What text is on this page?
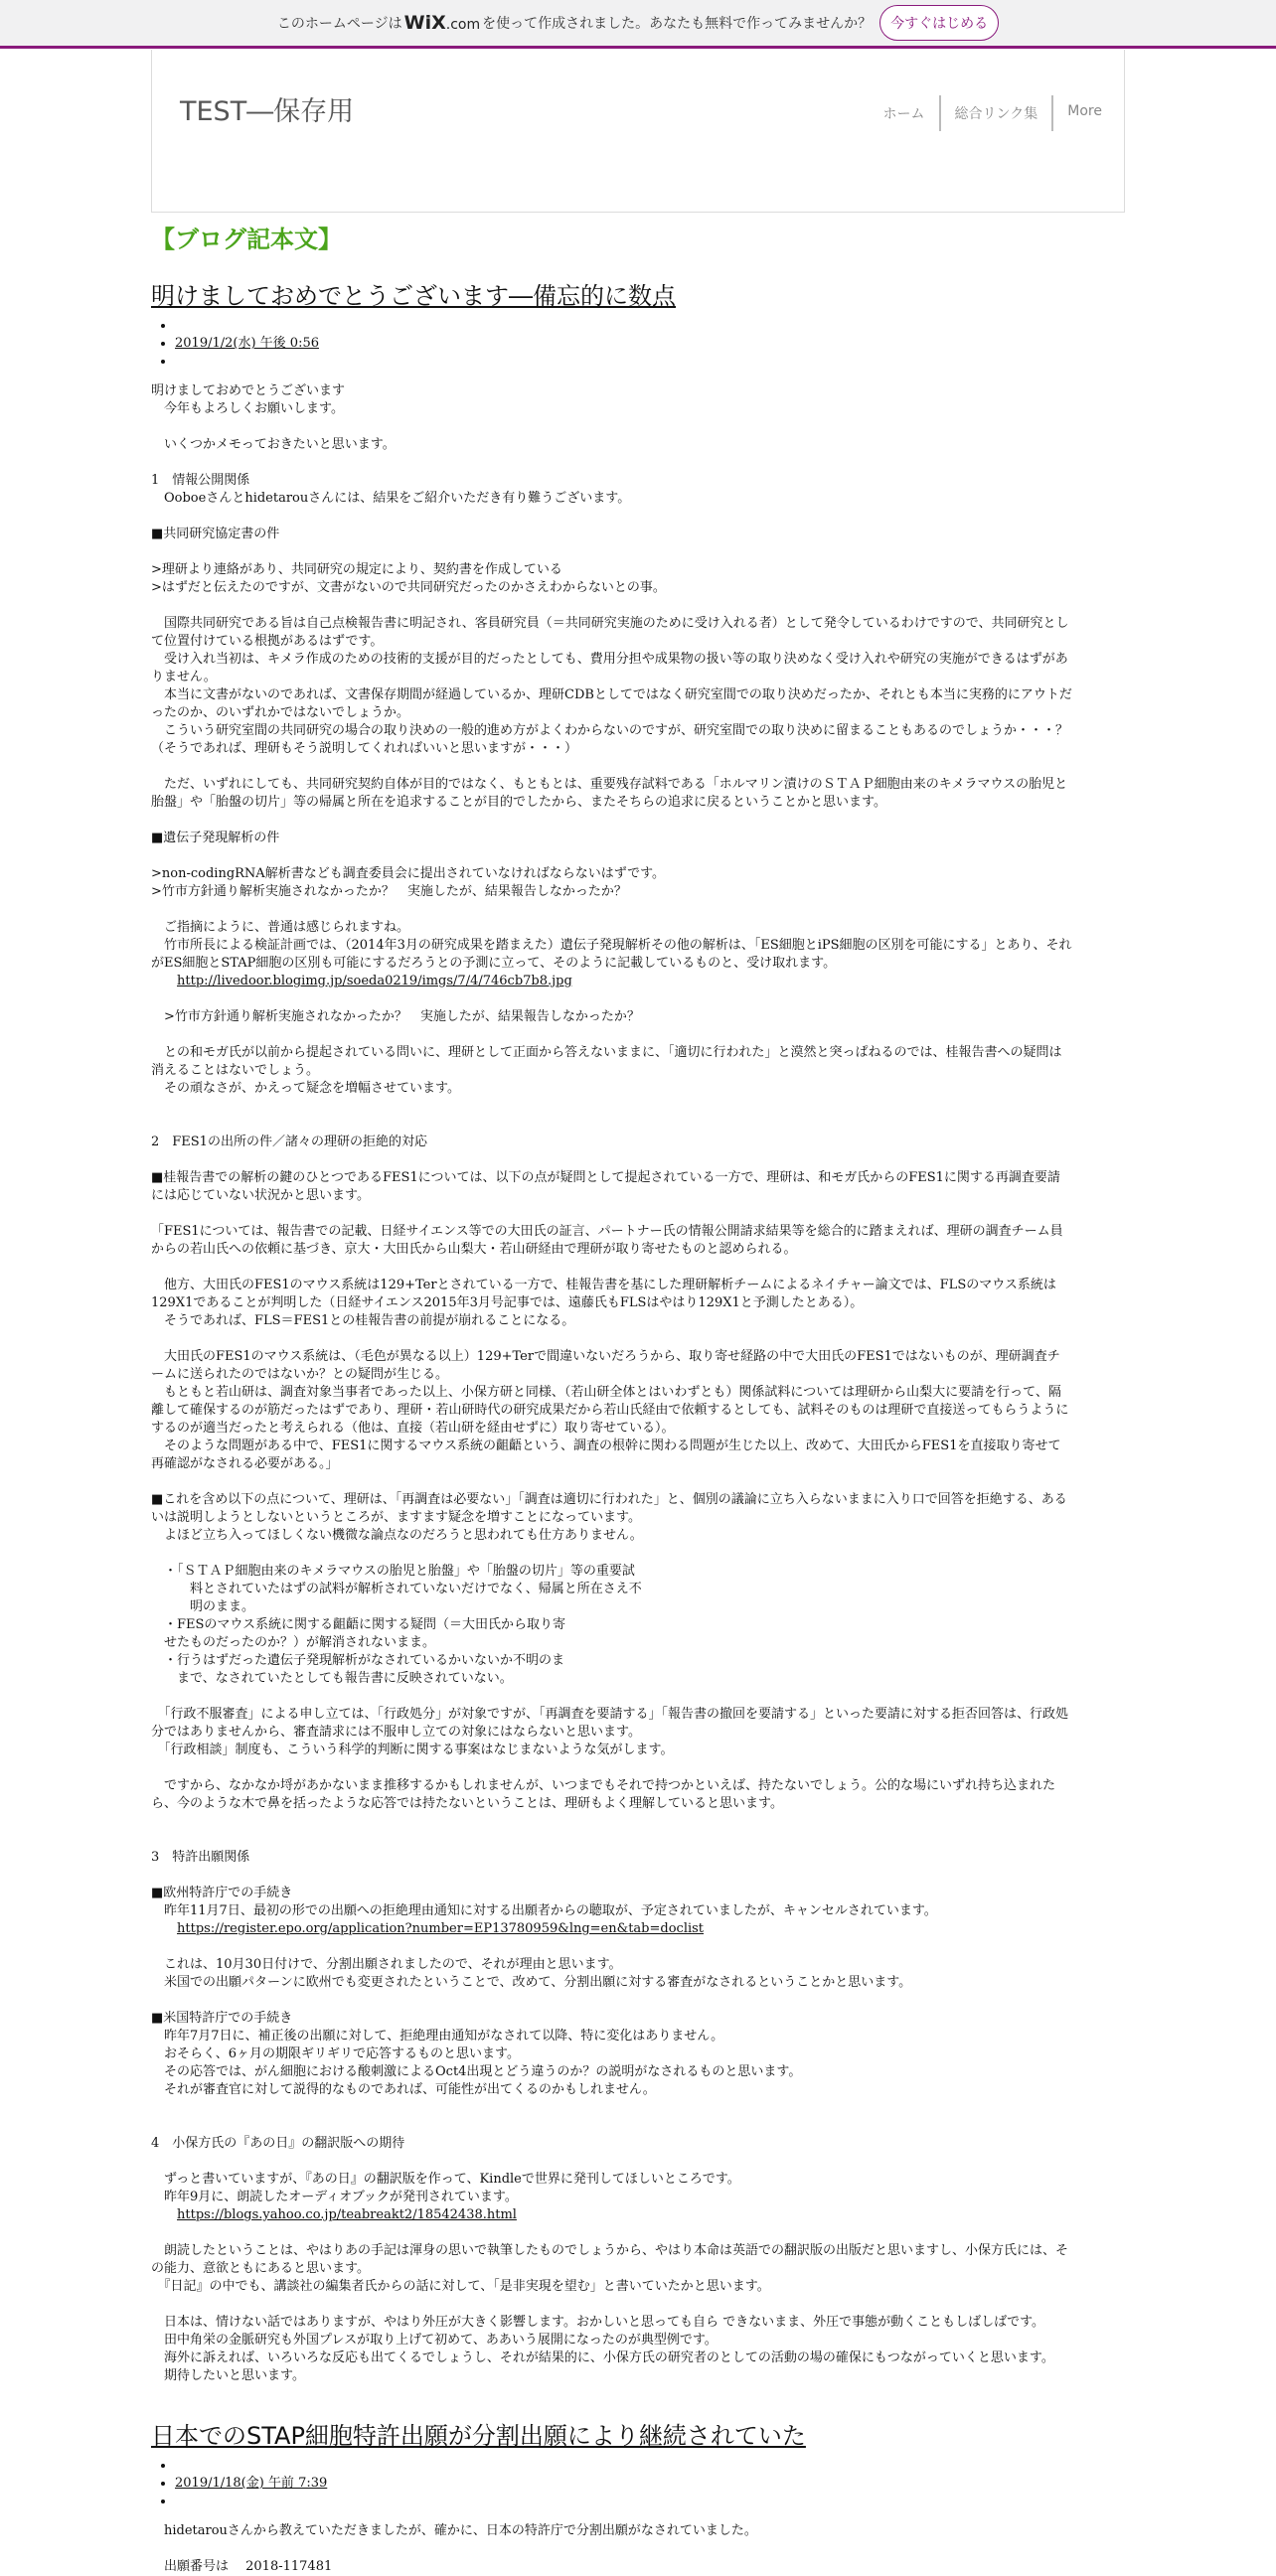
このホームページは WiX.com を使って作成されました。あなたも無料で作ってみませんか？	今すぐはじめる
TEST―保存用	ホーム	総合リンク集	More
【ブログ記本文】
明けましておめでとうございます―備忘的に数点
•
• 2019/1/2(水) 午後 0:56
•
明けましておめでとうございます
　今年もよろしくお願いします。
　いくつかメモっておきたいと思います。
1　情報公開関係
　Ooboeさんとhidetarouさんには、結果をご紹介いただき有り難うございます。
■共同研究協定書の件
>理研より連絡があり、共同研究の規定により、契約書を作成している
>はずだと伝えたのですが、文書がないので共同研究だったのかさえわからないとの事。
　国際共同研究である旨は自己点検報告書に明記され、客員研究員（＝共同研究実施のために受け入れる者）として発令しているわけですので、共同研究として位置付けている根拠があるはずです。
　受け入れ当初は、キメラ作成のための技術的支援が目的だったとしても、費用分担や成果物の扱い等の取り決めなく受け入れや研究の実施ができるはずがありません。
　本当に文書がないのであれば、文書保存期間が経過しているか、理研CDBとしてではなく研究室間での取り決めだったか、それとも本当に実務的にアウトだったのか、のいずれかではないでしょうか。
　こういう研究室間の共同研究の場合の取り決めの一般的進め方がよくわからないのですが、研究室間での取り決めに留まることもあるのでしょうか・・・？（そうであれば、理研もそう説明してくれればいいと思いますが・・・）
　ただ、いずれにしても、共同研究契約自体が目的ではなく、もともとは、重要残存試料である「ホルマリン漬けのＳＴＡＰ細胞由来のキメラマウスの胎児と胎盤」や「胎盤の切片」等の帰属と所在を追求することが目的でしたから、またそちらの追求に戻るということかと思います。
■遺伝子発現解析の件
>non-codingRNA解析書なども調査委員会に提出されていなければならないはずです。
>竹市方針通り解析実施されなかったか？　実施したが、結果報告しなかったか？
　ご指摘にように、普通は感じられますね。
　竹市所長による検証計画では、（2014年3月の研究成果を踏まえた）遺伝子発現解析その他の解析は、「ES細胞とiPS細胞の区別を可能にする」とあり、それがES細胞とSTAP細胞の区別も可能にするだろうとの予測に立って、そのように記載しているものと、受け取れます。
　　http://livedoor.blogimg.jp/soeda0219/imgs/7/4/746cb7b8.jpg
　>竹市方針通り解析実施されなかったか？　実施したが、結果報告しなかったか？
　との和モガ氏が以前から提起されている問いに、理研として正面から答えないままに、「適切に行われた」と漠然と突っぱねるのでは、桂報告書への疑問は消えることはないでしょう。
　その頑なさが、かえって疑念を増幅させています。
2　FES1の出所の件／諸々の理研の拒絶的対応
■桂報告書での解析の鍵のひとつであるFES1については、以下の点が疑問として提起されている一方で、理研は、和モガ氏からのFES1に関する再調査要請には応じていない状況かと思います。
「FES1については、報告書での記載、日経サイエンス等での大田氏の証言、パートナー氏の情報公開請求結果等を総合的に踏まえれば、理研の調査チーム員からの若山氏への依頼に基づき、京大・大田氏から山梨大・若山研経由で理研が取り寄せたものと認められる。
　他方、大田氏のFES1のマウス系統は129+Terとされている一方で、桂報告書を基にした理研解析チームによるネイチャー論文では、FLSのマウス系統は129X1であることが判明した（日経サイエンス2015年3月号記事では、遠藤氏もFLSはやはり129X1と予測したとある）。
　そうであれば、FLS＝FES1との桂報告書の前提が崩れることになる。
　大田氏のFES1のマウス系統は、（毛色が異なる以上）129+Terで間違いないだろうから、取り寄せ経路の中で大田氏のFES1ではないものが、理研調査チームに送られたのではないか？との疑問が生じる。
　もともと若山研は、調査対象当事者であった以上、小保方研と同様、（若山研全体とはいわずとも）関係試料については理研から山梨大に要請を行って、隔離して確保するのが筋だったはずであり、理研・若山研時代の研究成果だから若山氏経由で依頼するとしても、試料そのものは理研で直接送ってもらうようにするのが適当だったと考えられる（他は、直接（若山研を経由せずに）取り寄せている）。
　そのような問題がある中で、FES1に関するマウス系統の齟齬という、調査の根幹に関わる問題が生じた以上、改めて、大田氏からFES1を直接取り寄せて再確認がなされる必要がある。」
■これを含め以下の点について、理研は、「再調査は必要ない」「調査は適切に行われた」と、個別の議論に立ち入らないままに入り口で回答を拒絶する、あるいは説明しようとしないというところが、ますます疑念を増すことになっています。
　よほど立ち入ってほしくない機微な論点なのだろうと思われても仕方ありません。
　・「ＳＴＡＰ細胞由来のキメラマウスの胎児と胎盤」や「胎盤の切片」等の重要試
　　　料とされていたはずの試料が解析されていないだけでなく、帰属と所在さえ不
　　　明のまま。
　・FESのマウス系統に関する齟齬に関する疑問（＝大田氏から取り寄
　せたものだったのか？）が解消されないまま。
　・行うはずだった遺伝子発現解析がなされているかいないか不明のま
　　まで、なされていたとしても報告書に反映されていない。
　「行政不服審査」による申し立ては、「行政処分」が対象ですが、「再調査を要請する」「報告書の撤回を要請する」といった要請に対する拒否回答は、行政処分ではありませんから、審査請求には不服申し立ての対象にはならないと思います。
　「行政相談」制度も、こういう科学的判断に関する事案はなじまないような気がします。
　ですから、なかなか埒があかないまま推移するかもしれませんが、いつまでもそれで持つかといえば、持たないでしょう。公的な場にいずれ持ち込まれたら、今のような木で鼻を括ったような応答では持たないということは、理研もよく理解していると思います。
3　特許出願関係
■欧州特許庁での手続き
　昨年11月7日、最初の形での出願への拒絶理由通知に対する出願者からの聴取が、予定されていましたが、キャンセルされています。
　　https://register.epo.org/application?number=EP13780959&lng=en&tab=doclist
　これは、10月30日付けで、分割出願されましたので、それが理由と思います。
　米国での出願パターンに欧州でも変更されたということで、改めて、分割出願に対する審査がなされるということかと思います。
■米国特許庁での手続き
　昨年7月7日に、補正後の出願に対して、拒絶理由通知がなされて以降、特に変化はありません。
　おそらく、6ヶ月の期限ギリギリで応答するものと思います。
　その応答では、がん細胞における酸刺激によるOct4出現とどう違うのか？の説明がなされるものと思います。
　それが審査官に対して説得的なものであれば、可能性が出てくるのかもしれません。
4　小保方氏の『あの日』の翻訳版への期待
　ずっと書いていますが、『あの日』の翻訳版を作って、Kindleで世界に発刊してほしいところです。
　昨年9月に、朗読したオーディオブックが発刊されています。
　　https://blogs.yahoo.co.jp/teabreakt2/18542438.html
　朗読したということは、やはりあの手記は渾身の思いで執筆したものでしょうから、やはり本命は英語での翻訳版の出版だと思いますし、小保方氏には、その能力、意欲ともにあると思います。
　『日記』の中でも、講談社の編集者氏からの話に対して、「是非実現を望む」と書いていたかと思います。
　日本は、情けない話ではありますが、やはり外圧が大きく影響します。おかしいと思っても自ら できないまま、外圧で事態が動くこともしばしばです。
　田中角栄の金脈研究も外国プレスが取り上げて初めて、ああいう展開になったのが典型例です。
　海外に訴えれば、いろいろな反応も出てくるでしょうし、それが結果的に、小保方氏の研究者のとしての活動の場の確保にもつながっていくと思います。
　期待したいと思います。
日本でのSTAP細胞特許出願が分割出願により継続されていた
•
• 2019/1/18(金) 午前 7:39
•
　hidetarouさんから教えていただきましたが、確かに、日本の特許庁で分割出願がなされていました。
　出願番号は　 2018-117481
